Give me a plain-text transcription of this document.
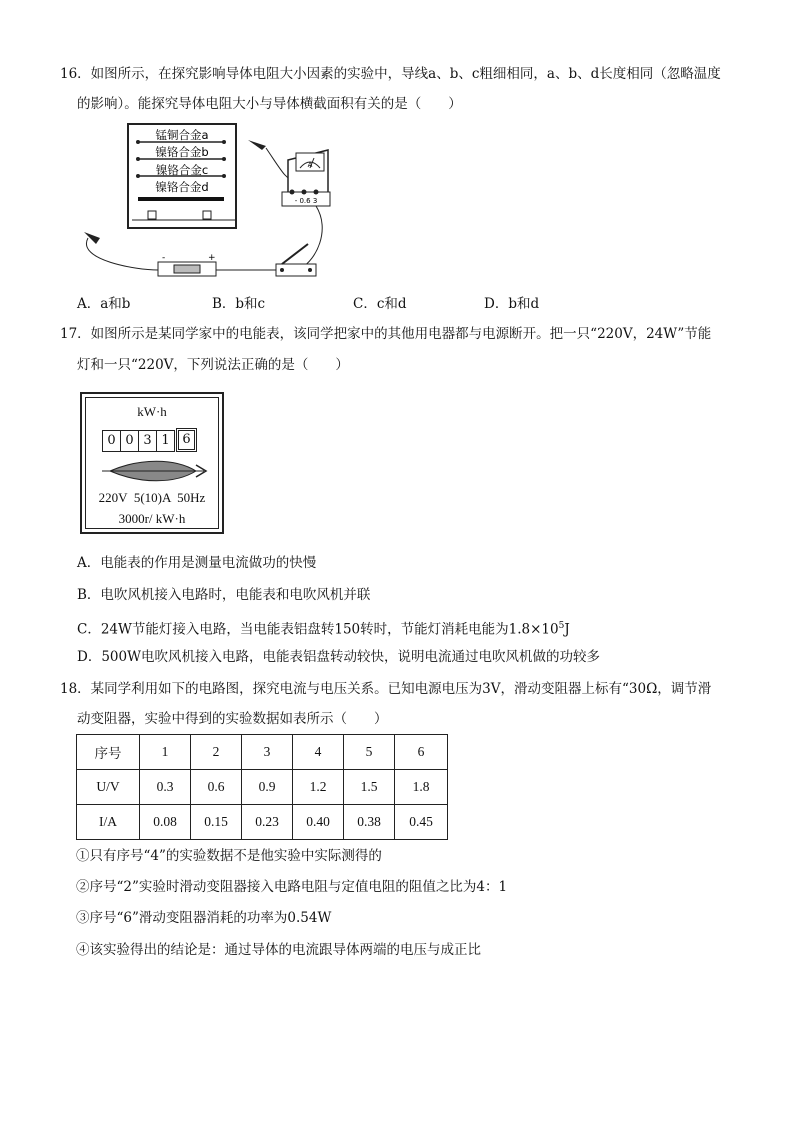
16．如图所示，在探究影响导体电阻大小因素的实验中，导线a、b、c粗细相同，a、b、d长度相同（忽略温度
的影响）。能探究导体电阻大小与导体横截面积有关的是（　　）
锰铜合金a
镍铬合金b
镍铬合金c
镍铬合金d
A
- 0.6 3
-	+
A．a和b	B．b和c	C．c和d	D．b和d
17．如图所示是某同学家中的电能表，该同学把家中的其他用电器都与电源断开。把一只“220V，24W”节能
灯和一只“220V，下列说法正确的是（　　）
kW·h
0 0 3 1 6
220V  5(10)A  50Hz
3000r/ kW·h
A．电能表的作用是测量电流做功的快慢
B．电吹风机接入电路时，电能表和电吹风机并联
C．24W节能灯接入电路，当电能表铝盘转150转时，节能灯消耗电能为$1.8\times 10^5J$
D．500W电吹风机接入电路，电能表铝盘转动较快，说明电流通过电吹风机做的功较多
18．某同学利用如下的电路图，探究电流与电压关系。已知电源电压为3V，滑动变阻器上标有“30Ω，调节滑
动变阻器，实验中得到的实验数据如表所示（　　）
序号	1	2	3	4	5	6
U/V	0.3	0.6	0.9	1.2	1.5	1.8
I/A	0.08	0.15	0.23	0.40	0.38	0.45
①只有序号“4”的实验数据不是他实验中实际测得的
②序号“2”实验时滑动变阻器接入电路电阻与定值电阻的阻值之比为4：1
③序号“6”滑动变阻器消耗的功率为0.54W
④该实验得出的结论是：通过导体的电流跟导体两端的电压与成正比
